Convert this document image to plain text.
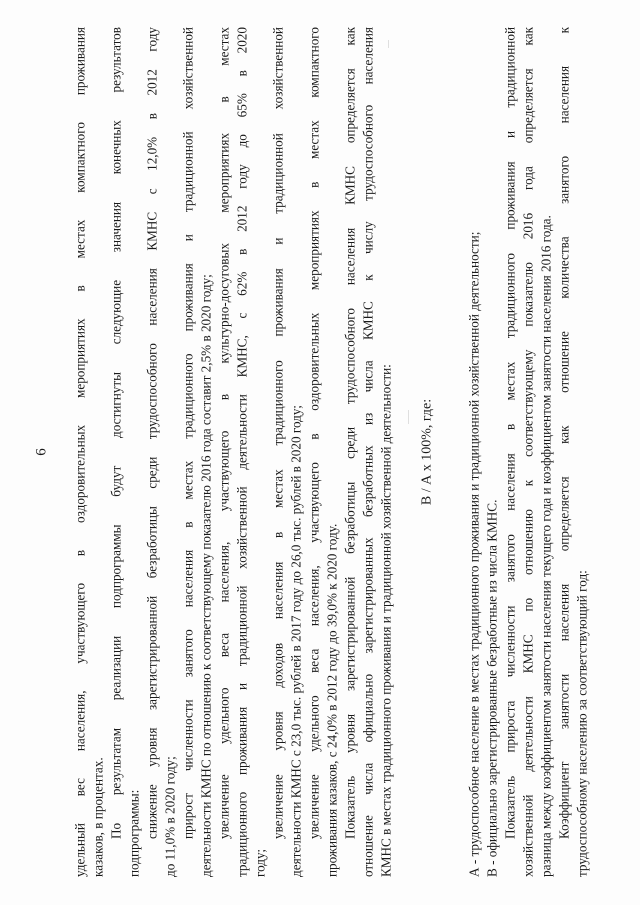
6 удельный вес населения, участвующего в оздоровительных мероприятиях в местах компактного проживания казаков, в процентах. По результатам реализации подпрограммы будут достигнуты следующие значения конечных результатов подпрограммы: снижение уровня зарегистрированной безработицы среди трудоспособного населения КМНС с 12,0% в 2012 году до 11,0% в 2020 году; прирост численности занятого населения в местах традиционного проживания и традиционной хозяйственной деятельности КМНС по отношению к соответствующему показателю 2016 года составит 2,5% в 2020 году; увеличение удельного веса населения, участвующего в культурно-досуговых мероприятиях в местах традиционного проживания и традиционной хозяйственной деятельности КМНС, с 62% в 2012 году до 65% в 2020 году;
увеличение уровня доходов населения в местах традиционного проживания и традиционной хозяйственной деятельности КМНС с 23,0 тыс. рублей в 2017 году до 26,0 тыс. рублей в 2020 году; увеличение удельного веса населения, участвующего в оздоровительных мероприятиях в местах компактного проживания казаков, с 24,0% в 2012 году до 39,0% к 2020 году. Показатель уровня зарегистрированной безработицы среди трудоспособного населения КМНС определяется как отношение числа официально зарегистрированных безработных из числа КМНС к числу трудоспособного населения КМНС в местах традиционного проживания и традиционной хозяйственной деятельности: В / А х 100%, где: А - трудоспособное население в местах традиционного проживания и традиционной хозяйственной деятельности; В - официально зарегистрированные безработные из числа КМНС. Показатель прироста численности занятого населения в местах традиционного проживания и традиционной хозяйственной деятельности КМНС по отношению к соответствующему показателю 2016 года определяется как разница между коэффициентом занятости населения текущего года и коэффициентом занятости населения 2016 года. Коэффициент занятости населения определяется как отношение количества занятого населения к трудоспособному населению за соответствующий год:
